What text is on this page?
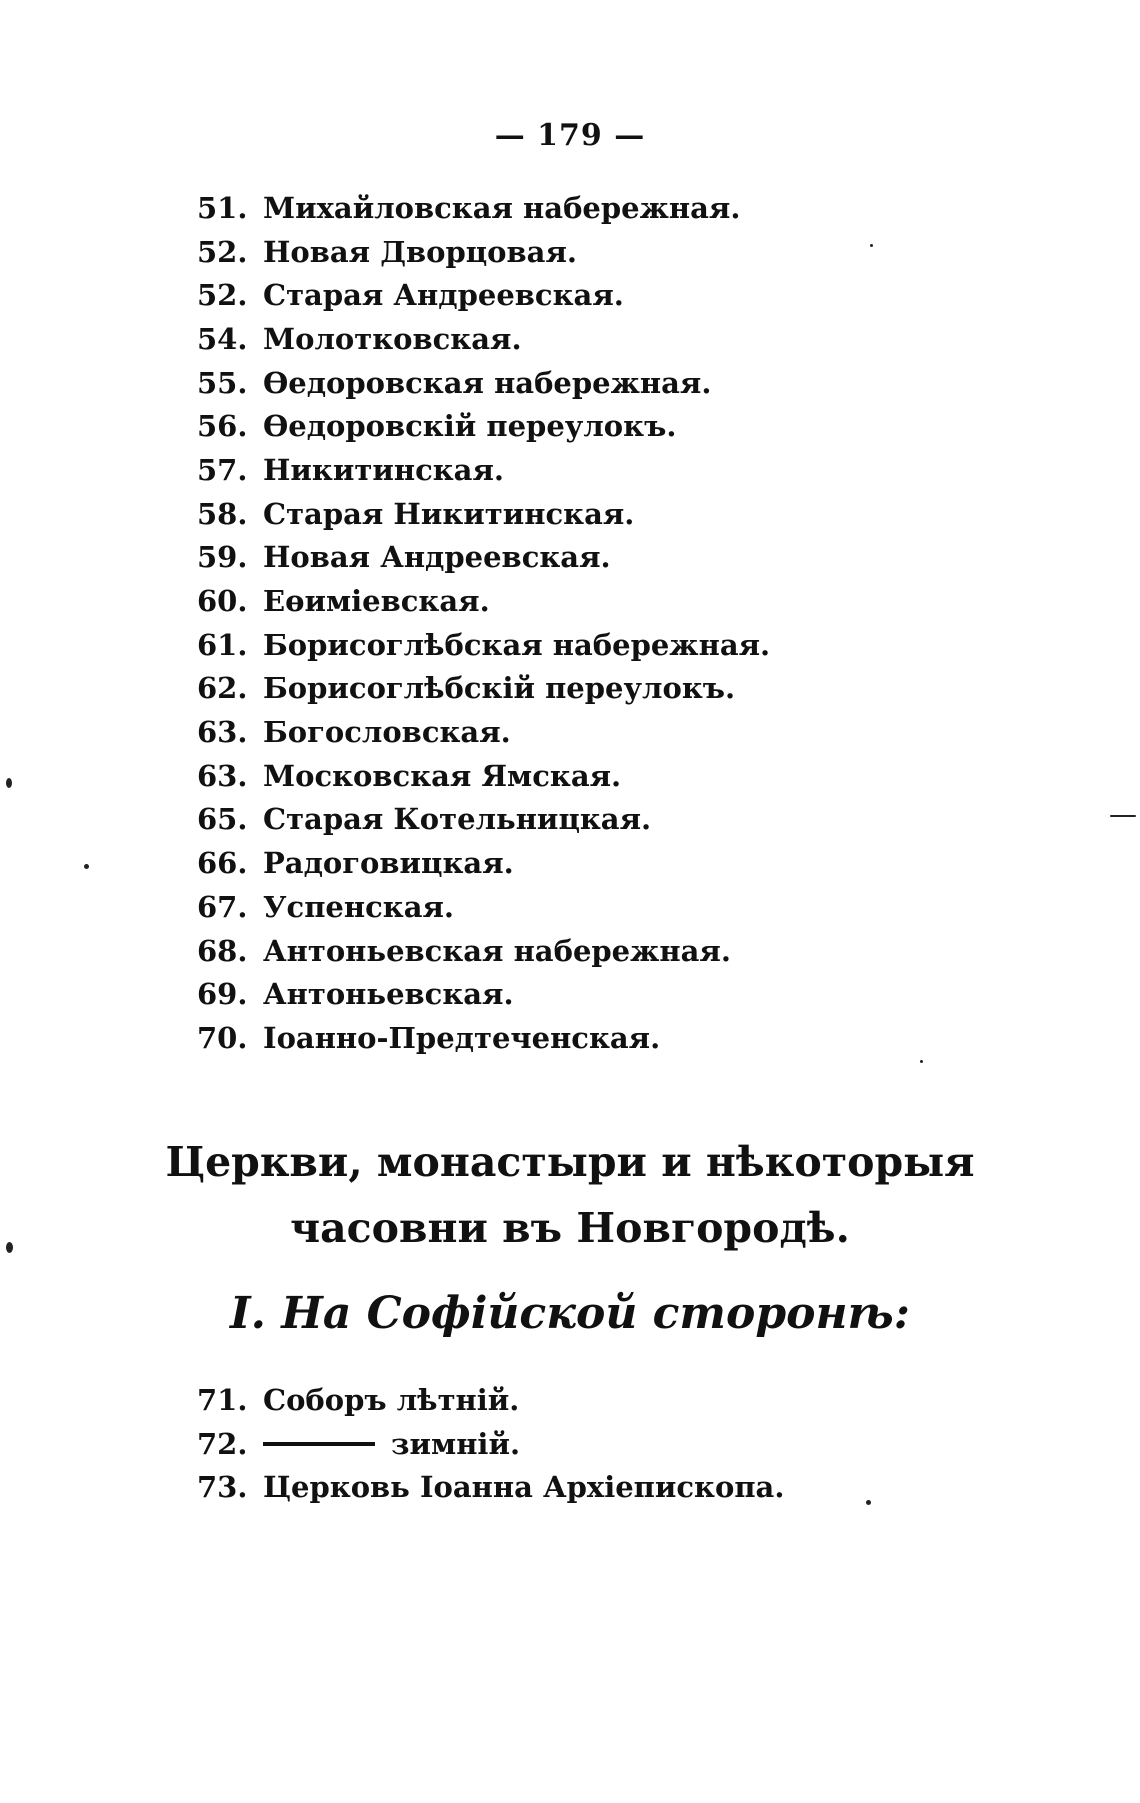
— 179 —
51. Михайловская набережная.
52. Новая Дворцовая.
52. Старая Андреевская.
54. Молотковская.
55. Өедоровская набережная.
56. Өедоровскій переулокъ.
57. Никитинская.
58. Старая Никитинская.
59. Новая Андреевская.
60. Еөиміевская.
61. Борисоглѣбская набережная.
62. Борисоглѣбскій переулокъ.
63. Богословская.
63. Московская Ямская.
65. Старая Котельницкая.
66. Радоговицкая.
67. Успенская.
68. Антоньевская набережная.
69. Антоньевская.
70. Іоанно-Предтеченская.
Церкви, монастыри и нѣкоторыя
часовни въ Новгородѣ.
I. На Софійской сторонѣ:
71. Соборъ лѣтній.
72.	зимній.
73. Церковь Іоанна Архіепископа.
